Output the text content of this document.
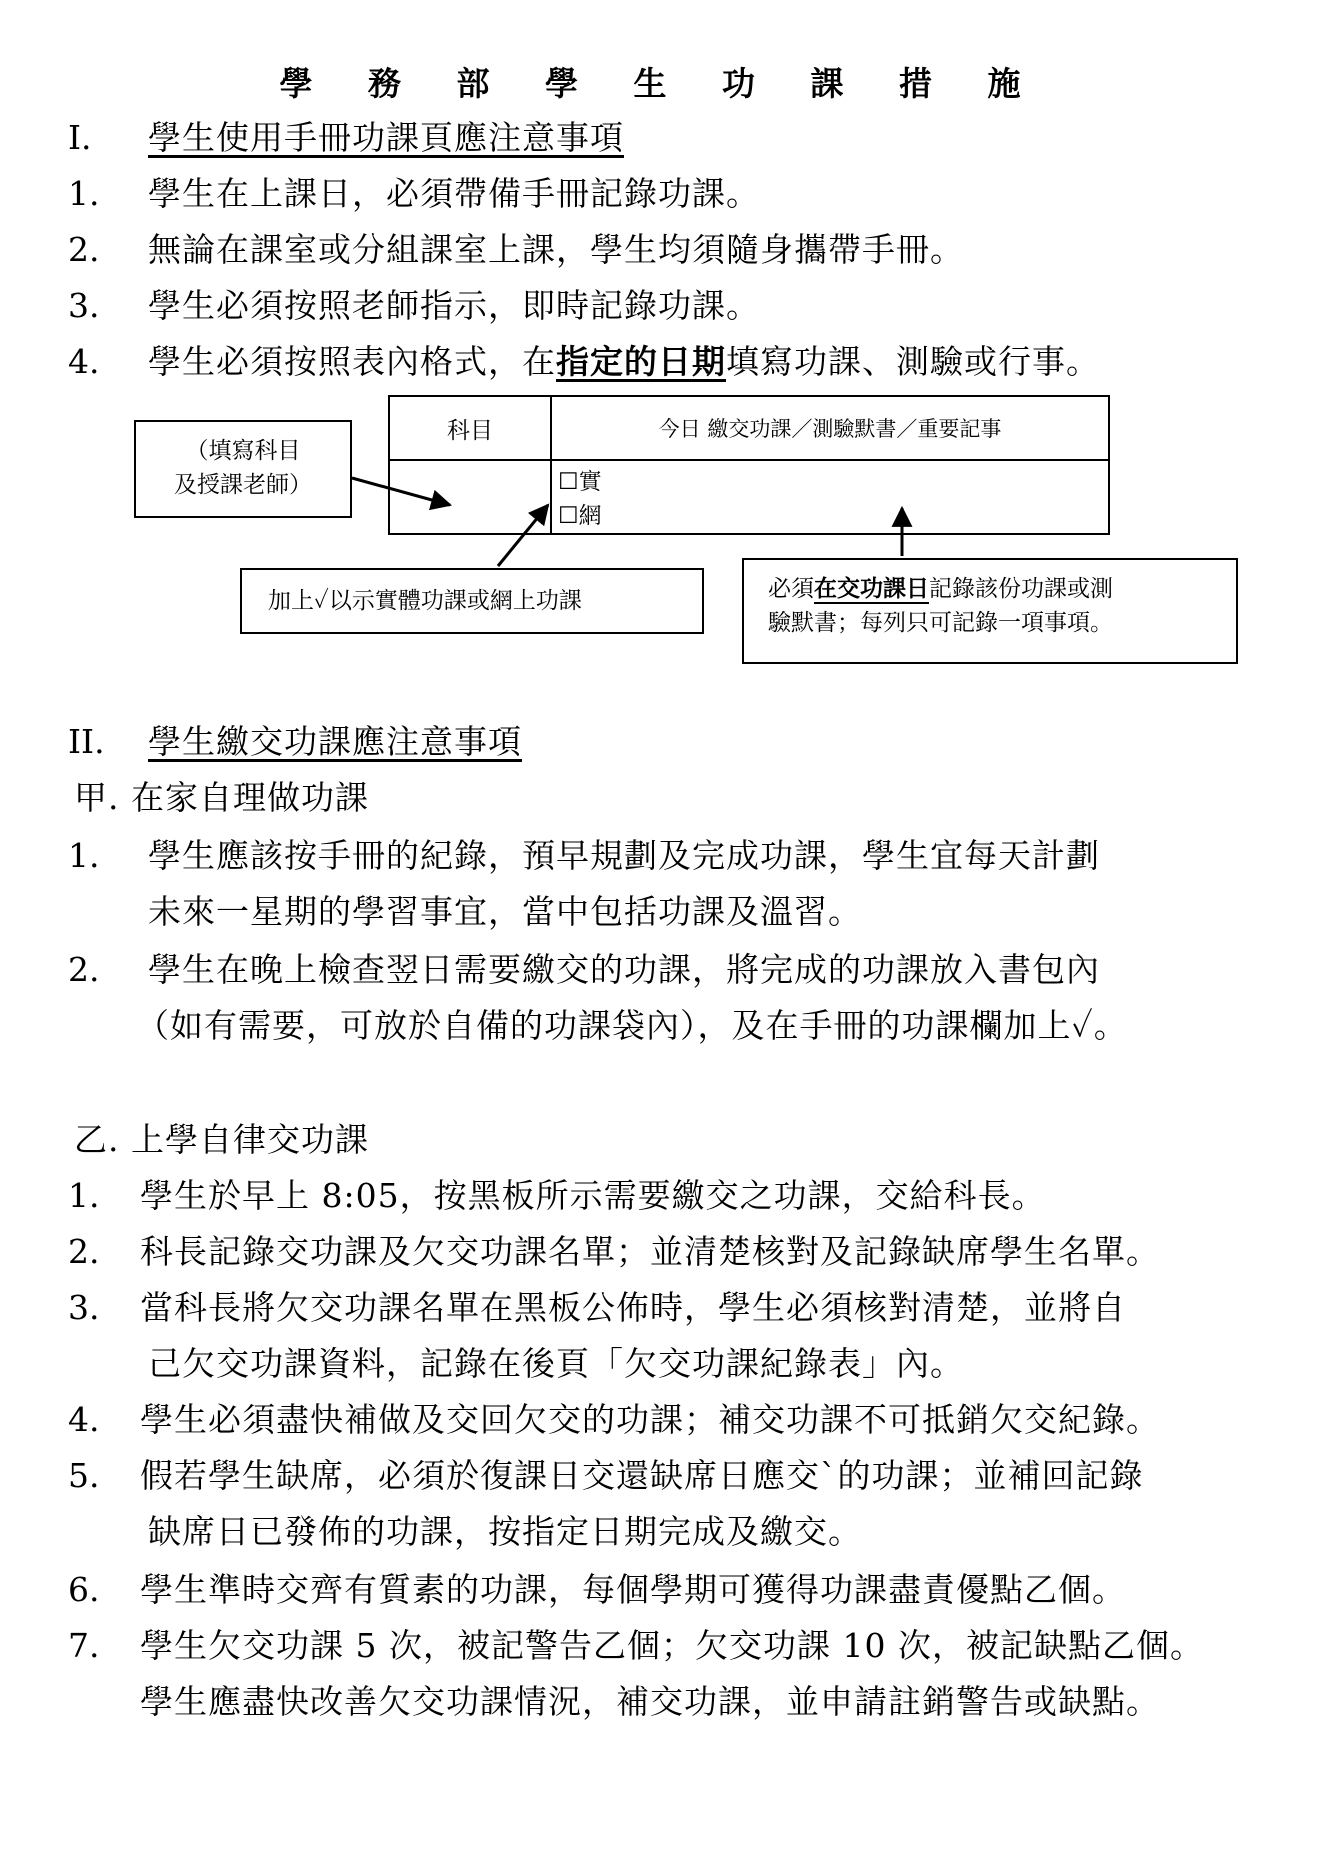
學 務 部 學 生 功 課 措 施
I. 學生使用手冊功課頁應注意事項
1. 學生在上課日，必須帶備手冊記錄功課。
2. 無論在課室或分組課室上課，學生均須隨身攜帶手冊。
3. 學生必須按照老師指示，即時記錄功課。
4. 學生必須按照表內格式，在指定的日期填寫功課、測驗或行事。
科目	今日 繳交功課／測驗默書／重要記事

	☐實
☐網
（填寫科目
及授課老師）
加上✓以示實體功課或網上功課	必須在交功課日記錄該份功課或測
驗默書；每列只可記錄一項事項。
II. 學生繳交功課應注意事項
甲. 在家自理做功課
1. 學生應該按手冊的紀錄，預早規劃及完成功課，學生宜每天計劃
未來一星期的學習事宜，當中包括功課及溫習。
2. 學生在晚上檢查翌日需要繳交的功課，將完成的功課放入書包內
（如有需要，可放於自備的功課袋內），及在手冊的功課欄加上✓。
乙. 上學自律交功課
1. 學生於早上 8:05，按黑板所示需要繳交之功課，交給科長。
2. 科長記錄交功課及欠交功課名單；並清楚核對及記錄缺席學生名單。
3. 當科長將欠交功課名單在黑板公佈時，學生必須核對清楚，並將自
己欠交功課資料，記錄在後頁「欠交功課紀錄表」內。
4. 學生必須盡快補做及交回欠交的功課；補交功課不可抵銷欠交紀錄。
5. 假若學生缺席，必須於復課日交還缺席日應交`的功課；並補回記錄
缺席日已發佈的功課，按指定日期完成及繳交。
6. 學生準時交齊有質素的功課，每個學期可獲得功課盡責優點乙個。
7. 學生欠交功課 5 次，被記警告乙個；欠交功課 10 次，被記缺點乙個。
學生應盡快改善欠交功課情況，補交功課，並申請註銷警告或缺點。
